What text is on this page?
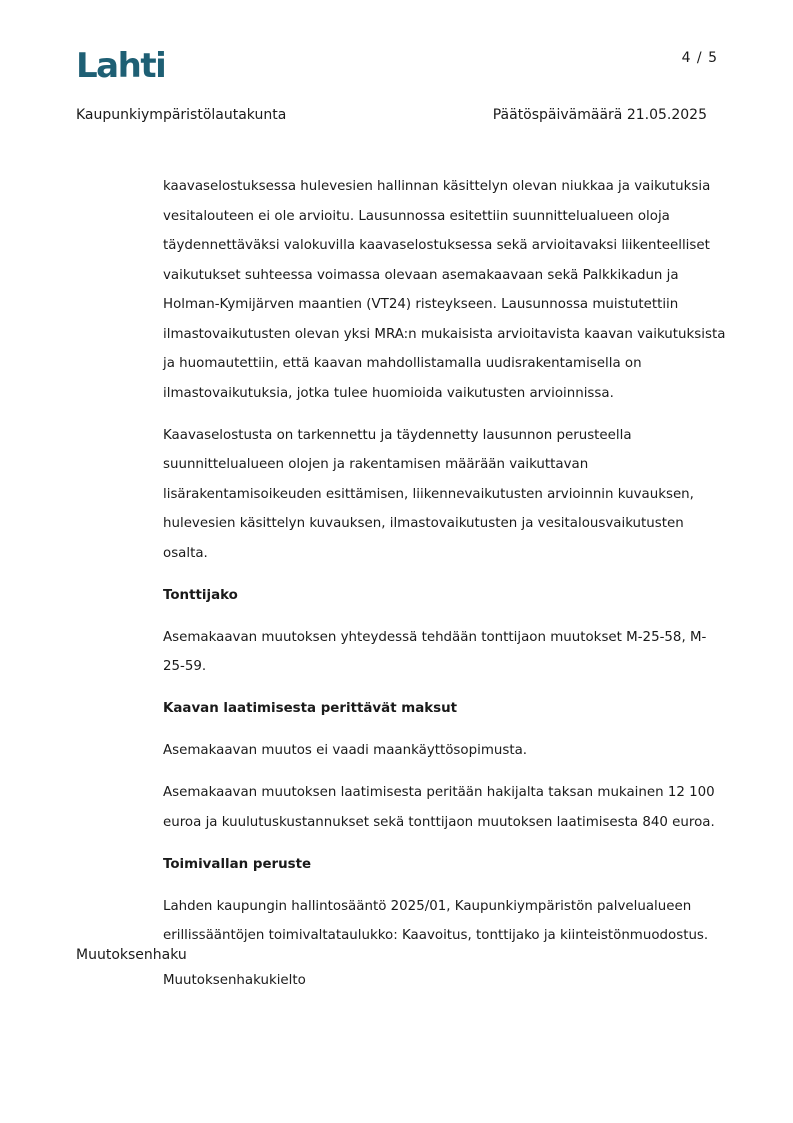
Lahti	4 / 5
Kaupunkiympäristölautakunta	Päätöspäivämäärä 21.05.2025

kaavaselostuksessa hulevesien hallinnan käsittelyn olevan niukkaa ja vaikutuksia vesitalouteen ei ole arvioitu. Lausunnossa esitettiin suunnittelualueen oloja täydennettäväksi valokuvilla kaavaselostuksessa sekä arvioitavaksi liikenteelliset vaikutukset suhteessa voimassa olevaan asemakaavaan sekä Palkkikadun ja Holman-Kymijärven maantien (VT24) risteykseen. Lausunnossa muistutettiin ilmastovaikutusten olevan yksi MRA:n mukaisista arvioitavista kaavan vaikutuksista ja huomautettiin, että kaavan mahdollistamalla uudisrakentamisella on ilmastovaikutuksia, jotka tulee huomioida vaikutusten arvioinnissa.

Kaavaselostusta on tarkennettu ja täydennetty lausunnon perusteella suunnittelualueen olojen ja rakentamisen määrään vaikuttavan lisärakentamisoikeuden esittämisen, liikennevaikutusten arvioinnin kuvauksen, hulevesien käsittelyn kuvauksen, ilmastovaikutusten ja vesitalousvaikutusten osalta.

Tonttijako

Asemakaavan muutoksen yhteydessä tehdään tonttijaon muutokset M-25-58, M-25-59.

Kaavan laatimisesta perittävät maksut

Asemakaavan muutos ei vaadi maankäyttösopimusta.

Asemakaavan muutoksen laatimisesta peritään hakijalta taksan mukainen 12 100 euroa ja kuulutuskustannukset sekä tonttijaon muutoksen laatimisesta 840 euroa.

Toimivallan peruste

Lahden kaupungin hallintosääntö 2025/01, Kaupunkiympäristön palvelualueen erillissääntöjen toimivaltataulukko: Kaavoitus, tonttijako ja kiinteistönmuodostus.

Muutoksenhaku
Muutoksenhakukielto
